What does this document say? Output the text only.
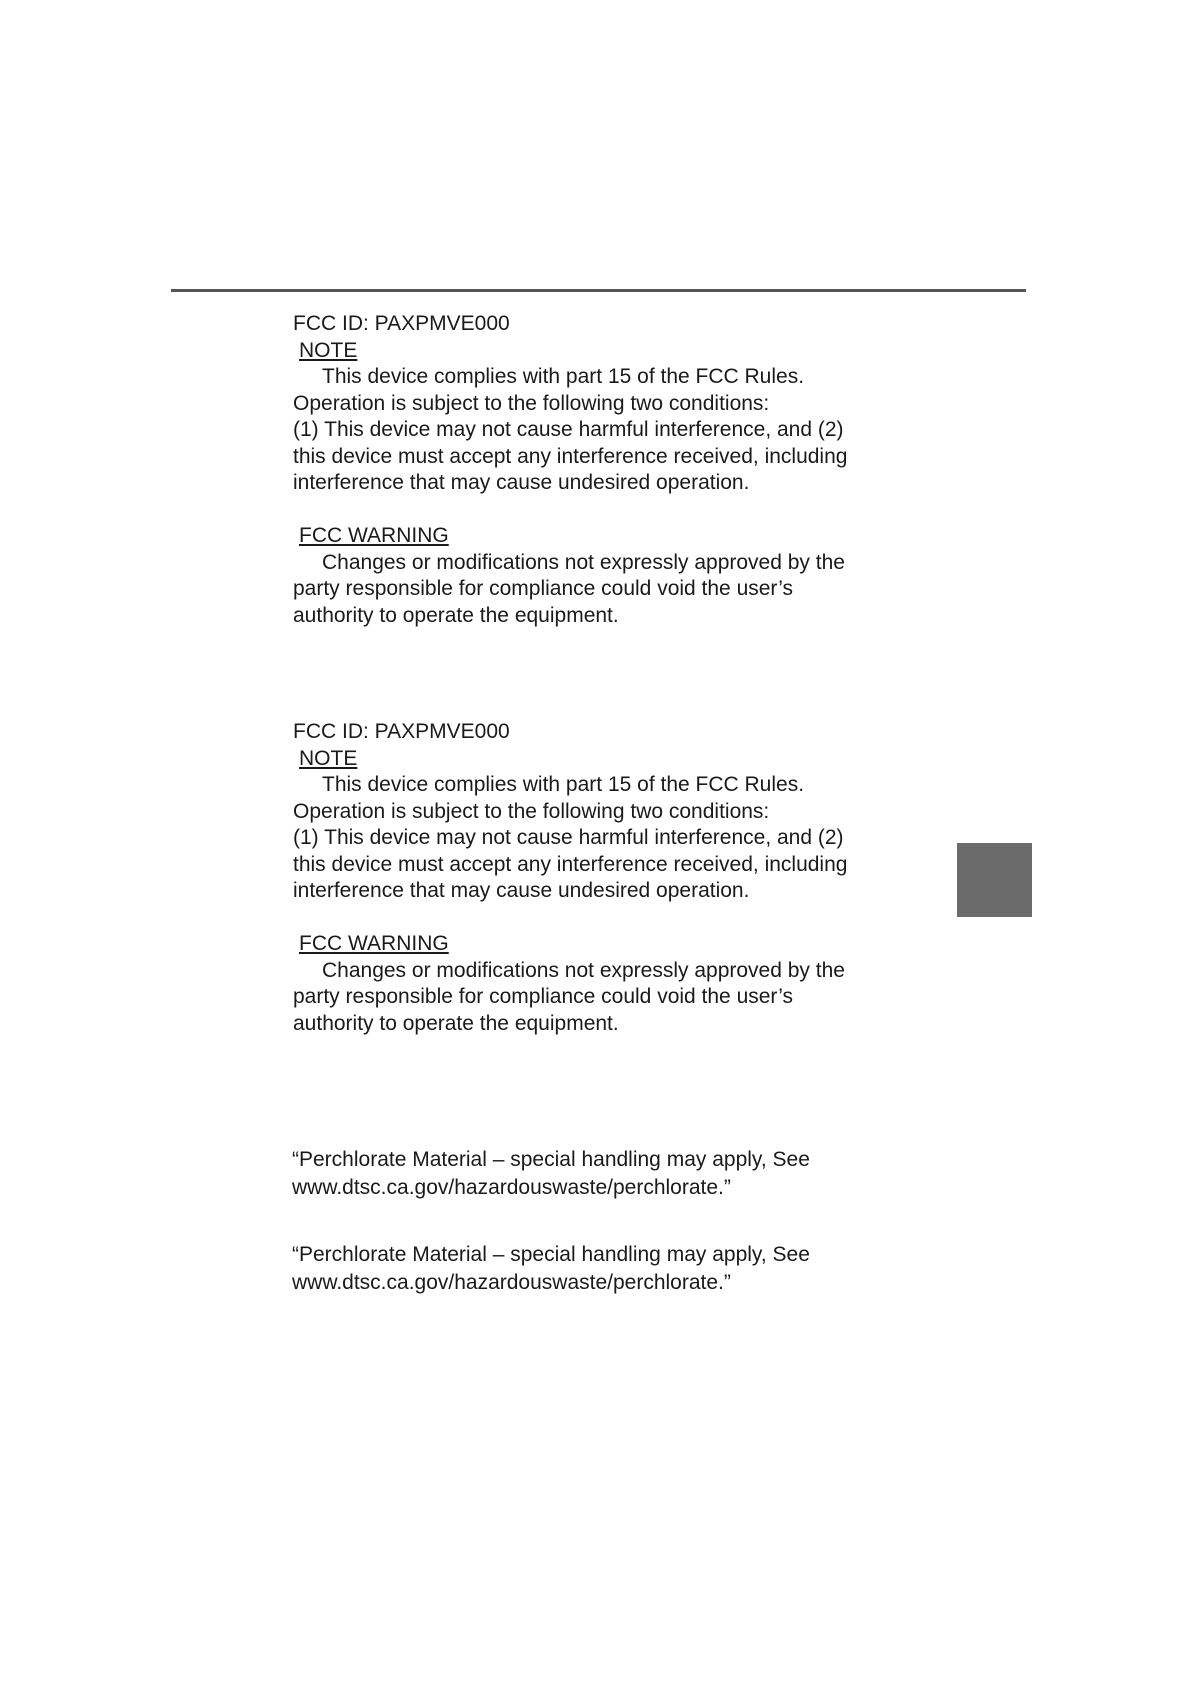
FCC ID: PAXPMVE000
NOTE
This device complies with part 15 of the FCC Rules.
Operation is subject to the following two conditions:
(1) This device may not cause harmful interference, and (2)
this device must accept any interference received, including
interference that may cause undesired operation.
FCC WARNING
Changes or modifications not expressly approved by the
party responsible for compliance could void the user’s
authority to operate the equipment.
FCC ID: PAXPMVE000
NOTE
This device complies with part 15 of the FCC Rules.
Operation is subject to the following two conditions:
(1) This device may not cause harmful interference, and (2)
this device must accept any interference received, including
interference that may cause undesired operation.
FCC WARNING
Changes or modifications not expressly approved by the
party responsible for compliance could void the user’s
authority to operate the equipment.
“Perchlorate Material – special handling may apply, See
www.dtsc.ca.gov/hazardouswaste/perchlorate.”
“Perchlorate Material – special handling may apply, See
www.dtsc.ca.gov/hazardouswaste/perchlorate.”
